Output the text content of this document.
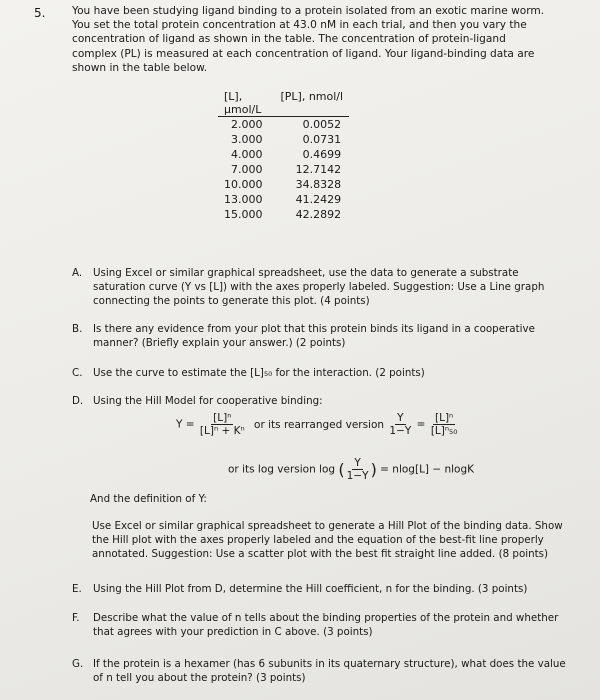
5.	You have been studying ligand binding to a protein isolated from an exotic marine worm.
You set the total protein concentration at 43.0 nM in each trial, and then you vary the
concentration of ligand as shown in the table. The concentration of protein-ligand
complex (PL) is measured at each concentration of ligand. Your ligand-binding data are
shown in the table below.
[L],
µmol/L	[PL], nmol/l
2.000	0.0052
3.000	0.0731
4.000	0.4699
7.000	12.7142
10.000	34.8328
13.000	41.2429
15.000	42.2892
A. Using Excel or similar graphical spreadsheet, use the data to generate a substrate
saturation curve (Y vs [L]) with the axes properly labeled. Suggestion: Use a Line graph
connecting the points to generate this plot. (4 points)
B. Is there any evidence from your plot that this protein binds its ligand in a cooperative
manner? (Briefly explain your answer.) (2 points)
C. Use the curve to estimate the [L]₅₀ for the interaction. (2 points)
D. Using the Hill Model for cooperative binding:
$Y = \frac{\text{[L]ⁿ}}{\text{[L]ⁿ + Kⁿ}}$ or its rearranged version $\frac{Y}{1-Y} = \frac{\text{[L]ⁿ}}{\text{[L]ⁿ₅₀}}$
or its log version log ( $\frac{Y}{1-Y}$ ) = nlog[L] − nlogK
And the definition of Y:
Use Excel or similar graphical spreadsheet to generate a Hill Plot of the binding data. Show
the Hill plot with the axes properly labeled and the equation of the best-fit line properly
annotated. Suggestion: Use a scatter plot with the best fit straight line added. (8 points)
E. Using the Hill Plot from D, determine the Hill coefficient, n for the binding. (3 points)
F. Describe what the value of n tells about the binding properties of the protein and whether
that agrees with your prediction in C above. (3 points)
G. If the protein is a hexamer (has 6 subunits in its quaternary structure), what does the value
of n tell you about the protein? (3 points)
